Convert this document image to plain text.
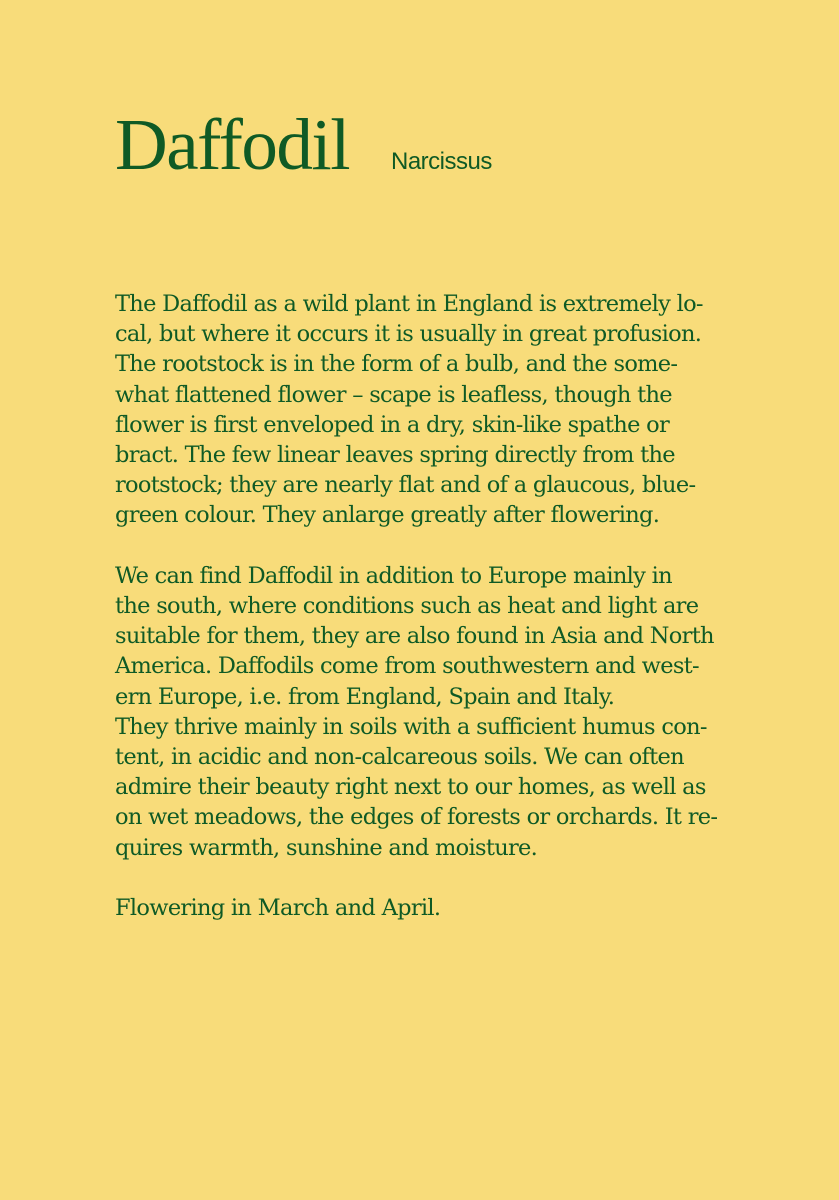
Daffodil Narcissus

The Daffodil as a wild plant in England is extremely lo-
cal, but where it occurs it is usually in great profusion.
The rootstock is in the form of a bulb, and the some-
what flattened flower – scape is leafless, though the
flower is first enveloped in a dry, skin-like spathe or
bract. The few linear leaves spring directly from the
rootstock; they are nearly flat and of a glaucous, blue-
green colour. They anlarge greatly after flowering.

We can find Daffodil in addition to Europe mainly in
the south, where conditions such as heat and light are
suitable for them, they are also found in Asia and North
America. Daffodils come from southwestern and west-
ern Europe, i.e. from England, Spain and Italy.
They thrive mainly in soils with a sufficient humus con-
tent, in acidic and non-calcareous soils. We can often
admire their beauty right next to our homes, as well as
on wet meadows, the edges of forests or orchards. It re-
quires warmth, sunshine and moisture.

Flowering in March and April.
